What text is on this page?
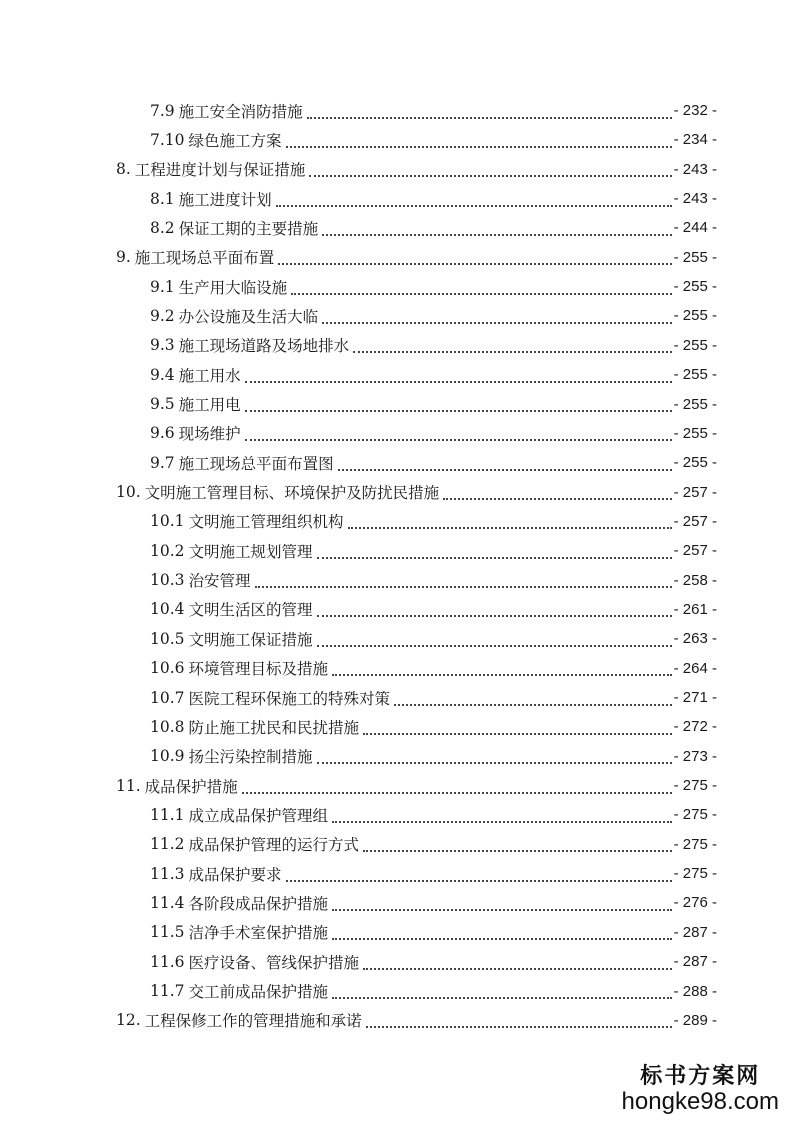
7.9 施工安全消防措施	- 232 -
7.10 绿色施工方案	- 234 -
8. 工程进度计划与保证措施	- 243 -
8.1 施工进度计划	- 243 -
8.2 保证工期的主要措施	- 244 -
9. 施工现场总平面布置	- 255 -
9.1 生产用大临设施	- 255 -
9.2 办公设施及生活大临	- 255 -
9.3 施工现场道路及场地排水	- 255 -
9.4 施工用水	- 255 -
9.5 施工用电	- 255 -
9.6 现场维护	- 255 -
9.7 施工现场总平面布置图	- 255 -
10. 文明施工管理目标、环境保护及防扰民措施	- 257 -
10.1 文明施工管理组织机构	- 257 -
10.2 文明施工规划管理	- 257 -
10.3 治安管理	- 258 -
10.4 文明生活区的管理	- 261 -
10.5 文明施工保证措施	- 263 -
10.6 环境管理目标及措施	- 264 -
10.7 医院工程环保施工的特殊对策	- 271 -
10.8 防止施工扰民和民扰措施	- 272 -
10.9 扬尘污染控制措施	- 273 -
11. 成品保护措施	- 275 -
11.1 成立成品保护管理组	- 275 -
11.2 成品保护管理的运行方式	- 275 -
11.3 成品保护要求	- 275 -
11.4 各阶段成品保护措施	- 276 -
11.5 洁净手术室保护措施	- 287 -
11.6 医疗设备、管线保护措施	- 287 -
11.7 交工前成品保护措施	- 288 -
12. 工程保修工作的管理措施和承诺	- 289 -
标书方案网
hongke98.com
